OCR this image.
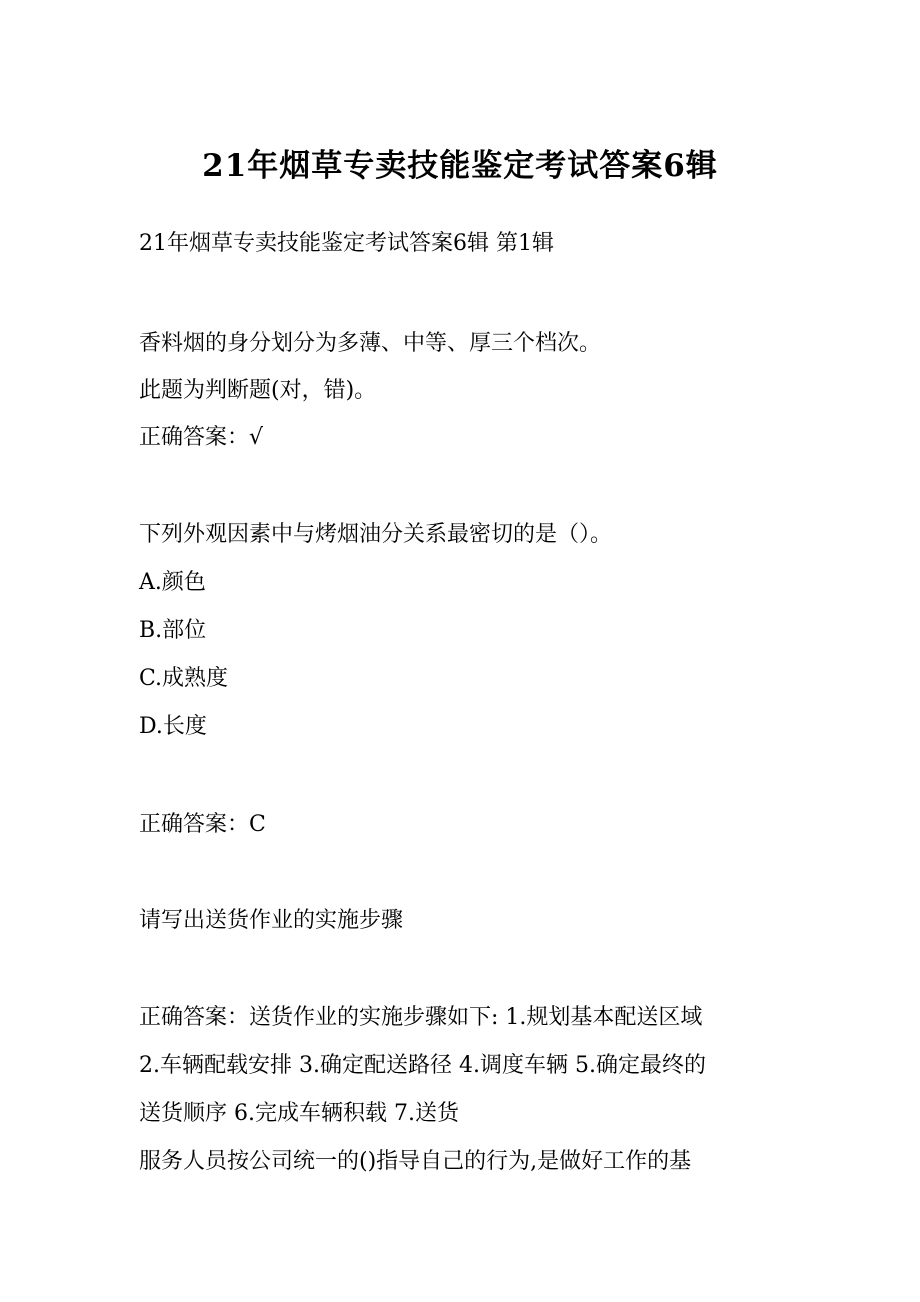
21年烟草专卖技能鉴定考试答案6辑

21年烟草专卖技能鉴定考试答案6辑 第1辑

香料烟的身分划分为多薄、中等、厚三个档次。

此题为判断题(对，错)。

正确答案：√

下列外观因素中与烤烟油分关系最密切的是（）。

A.颜色

B.部位

C.成熟度

D.长度

正确答案：C

请写出送货作业的实施步骤

正确答案：送货作业的实施步骤如下: 1.规划基本配送区域

2.车辆配载安排 3.确定配送路径 4.调度车辆 5.确定最终的

送货顺序 6.完成车辆积载 7.送货

服务人员按公司统一的()指导自己的行为,是做好工作的基
